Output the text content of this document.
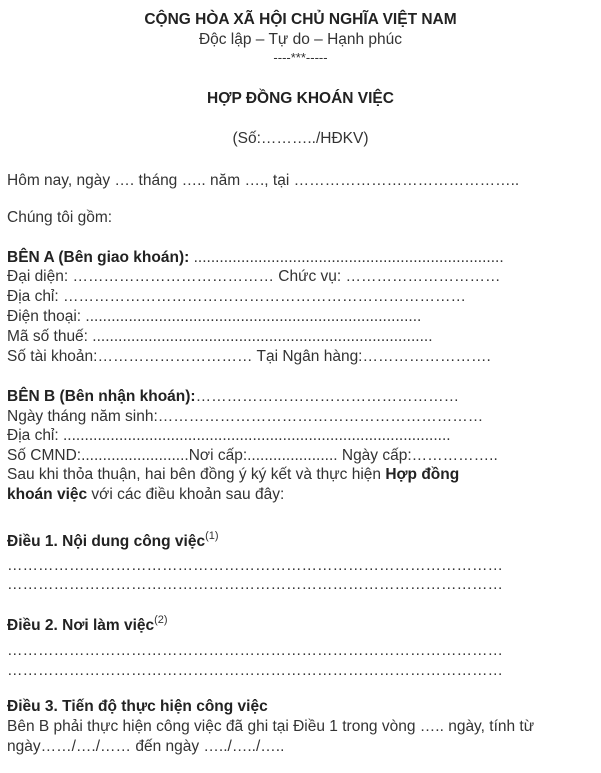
CỘNG HÒA XÃ HỘI CHỦ NGHĨA VIỆT NAM
Độc lập – Tự do – Hạnh phúc
----***-----
HỢP ĐỒNG KHOÁN VIỆC
(Số:………../HĐKV)
Hôm nay, ngày …. tháng ….. năm …., tại ……………………………………..
Chúng tôi gồm:
BÊN A (Bên giao khoán): ........................................................................
Đại diện: ………………………………… Chức vụ: …………………………
Địa chỉ: ……………………………………………………………………
Điện thoại: ..............................................................................
Mã số thuế: ...............................................................................
Số tài khoản:………………………… Tại Ngân hàng:…………………….
BÊN B (Bên nhận khoán):……………………………………………
Ngày tháng năm sinh:………………………………………………………
Địa chỉ: ..........................................................................................
Số CMND:.........................Nơi cấp:..................... Ngày cấp:……………..
Sau khi thỏa thuận, hai bên đồng ý ký kết và thực hiện Hợp đồng
khoán việc với các điều khoản sau đây:
Điều 1. Nội dung công việc$^{(1)}$
……………………………………………………………………………………
……………………………………………………………………………………
Điều 2. Nơi làm việc$^{(2)}$
……………………………………………………………………………………
……………………………………………………………………………………
Điều 3. Tiến độ thực hiện công việc
Bên B phải thực hiện công việc đã ghi tại Điều 1 trong vòng ….. ngày, tính từ
ngày……/…./…… đến ngày …../…../…..
